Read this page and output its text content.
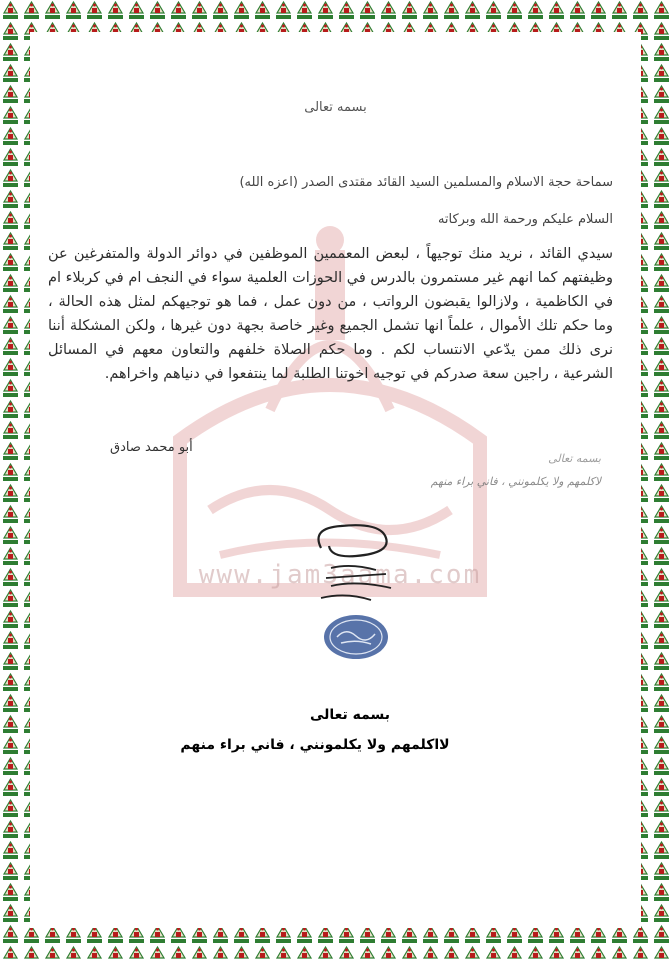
www.jam3aama.com
بسمه تعالى
سماحة حجة الاسلام والمسلمين السيد القائد مقتدى الصدر (اعزه الله)
السلام عليكم ورحمة الله وبركاته
سيدي القائد ، نريد منك توجيهاً ، لبعض المعممين الموظفين في دوائر الدولة والمتفرغين عن وظيفتهم كما انهم غير مستمرون بالدرس في الحوزات العلمية سواء في النجف ام في كربلاء ام في الكاظمية ، ولازالوا يقبضون الرواتب ، من دون عمل ، فما هو توجيهكم لمثل هذه الحالة ، وما حكم تلك الأموال ، علماً انها تشمل الجميع وغير خاصة بجهة دون غيرها ، ولكن المشكلة أننا نرى ذلك ممن يدّعي الانتساب لكم . وما حكم الصلاة خلفهم والتعاون معهم في المسائل الشرعية ، راجين سعة صدركم في توجيه اخوتنا الطلبة لما ينتفعوا في دنياهم واخراهم.
أبو محمد صادق
بسمه تعالى
لاكلمهم ولا يكلمونني ، فاني براء منهم
بسمه تعالى
لااكلمهم ولا يكلمونني ، فاني براء منهم
